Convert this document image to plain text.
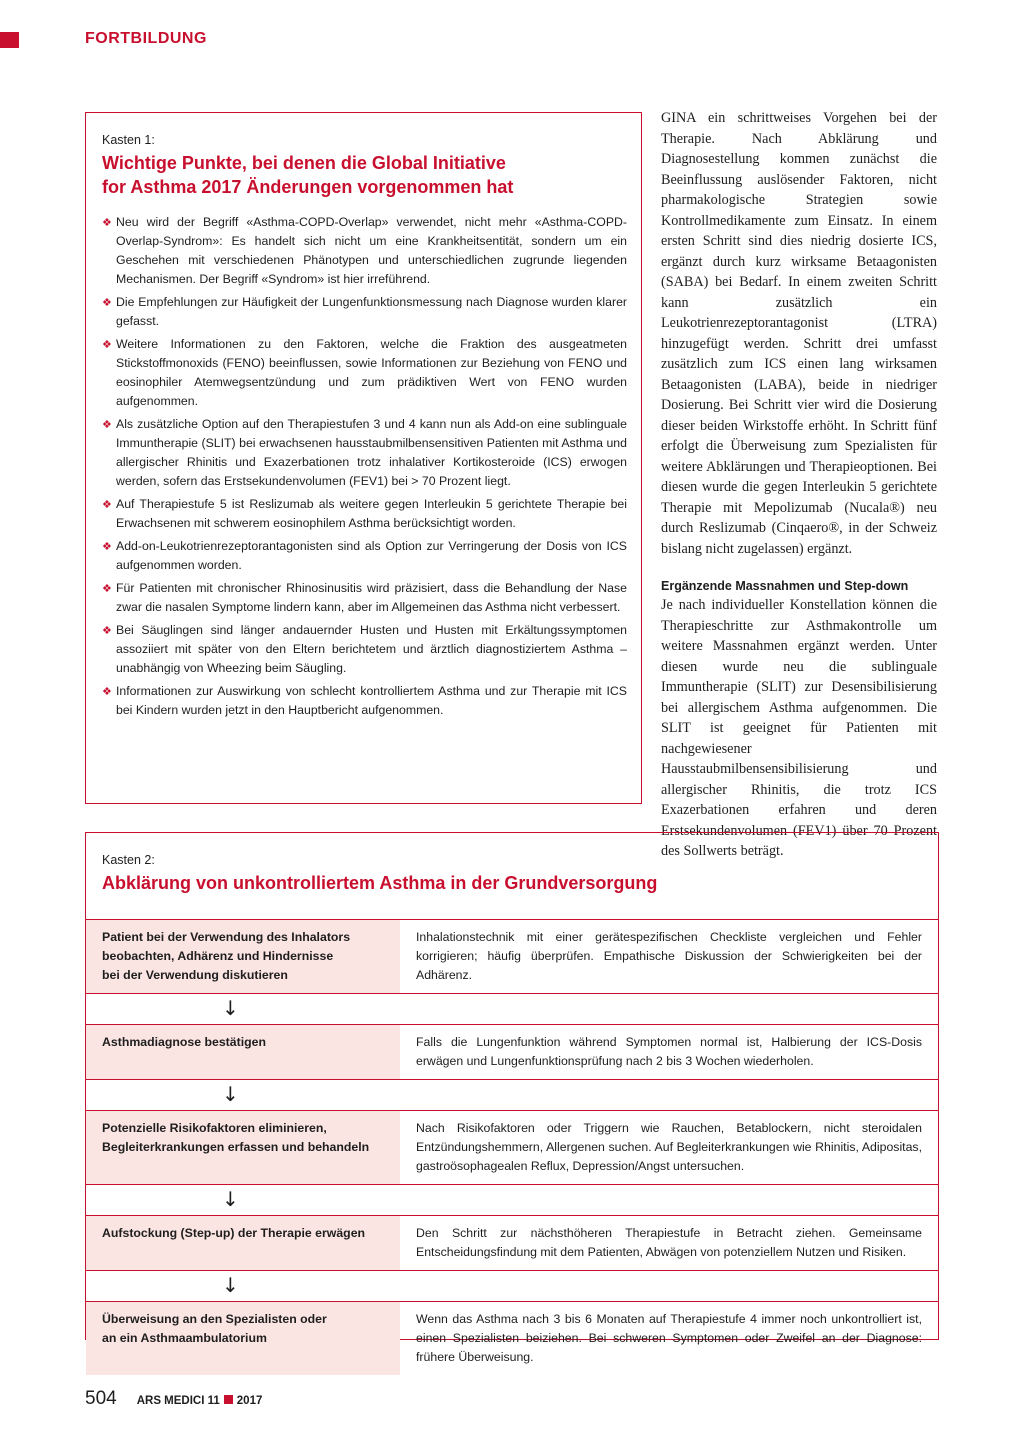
FORTBILDUNG
Kasten 1:
Wichtige Punkte, bei denen die Global Initiative
for Asthma 2017 Änderungen vorgenommen hat
❖ Neu wird der Begriff «Asthma-COPD-Overlap» verwendet, nicht mehr «Asthma-COPD-Overlap-Syndrom»: Es handelt sich nicht um eine Krankheitsentität, sondern um ein Geschehen mit verschiedenen Phänotypen und unterschiedlichen zugrunde liegenden Mechanismen. Der Begriff «Syndrom» ist hier irreführend.
❖ Die Empfehlungen zur Häufigkeit der Lungenfunktionsmessung nach Diagnose wurden klarer gefasst.
❖ Weitere Informationen zu den Faktoren, welche die Fraktion des ausgeatmeten Stickstoffmonoxids (FENO) beeinflussen, sowie Informationen zur Beziehung von FENO und eosinophiler Atemwegsentzündung und zum prädiktiven Wert von FENO wurden aufgenommen.
❖ Als zusätzliche Option auf den Therapiestufen 3 und 4 kann nun als Add-on eine sublinguale Immuntherapie (SLIT) bei erwachsenen hausstaubmilbensensitiven Patienten mit Asthma und allergischer Rhinitis und Exazerbationen trotz inhalativer Kortikosteroide (ICS) erwogen werden, sofern das Erstsekundenvolumen (FEV1) bei > 70 Prozent liegt.
❖ Auf Therapiestufe 5 ist Reslizumab als weitere gegen Interleukin 5 gerichtete Therapie bei Erwachsenen mit schwerem eosinophilem Asthma berücksichtigt worden.
❖ Add-on-Leukotrienrezeptorantagonisten sind als Option zur Verringerung der Dosis von ICS aufgenommen worden.
❖ Für Patienten mit chronischer Rhinosinusitis wird präzisiert, dass die Behandlung der Nase zwar die nasalen Symptome lindern kann, aber im Allgemeinen das Asthma nicht verbessert.
❖ Bei Säuglingen sind länger andauernder Husten und Husten mit Erkältungssymptomen assoziiert mit später von den Eltern berichtetem und ärztlich diagnostiziertem Asthma – unabhängig von Wheezing beim Säugling.
❖ Informationen zur Auswirkung von schlecht kontrolliertem Asthma und zur Therapie mit ICS bei Kindern wurden jetzt in den Hauptbericht aufgenommen.

GINA ein schrittweises Vorgehen bei der Therapie. Nach Abklärung und Diagnosestellung kommen zunächst die Beeinflussung auslösender Faktoren, nicht pharmakologische Strategien sowie Kontrollmedikamente zum Einsatz. In einem ersten Schritt sind dies niedrig dosierte ICS, ergänzt durch kurz wirksame Betaagonisten (SABA) bei Bedarf. In einem zweiten Schritt kann zusätzlich ein Leukotrienrezeptorantagonist (LTRA) hinzugefügt werden. Schritt drei umfasst zusätzlich zum ICS einen lang wirksamen Betaagonisten (LABA), beide in niedriger Dosierung. Bei Schritt vier wird die Dosierung dieser beiden Wirkstoffe erhöht. In Schritt fünf erfolgt die Überweisung zum Spezialisten für weitere Abklärungen und Therapieoptionen. Bei diesen wurde die gegen Interleukin 5 gerichtete Therapie mit Mepolizumab (Nucala®) neu durch Reslizumab (Cinqaero®, in der Schweiz bislang nicht zugelassen) ergänzt.

Ergänzende Massnahmen und Step-down

Je nach individueller Konstellation können die Therapieschritte zur Asthmakontrolle um weitere Massnahmen ergänzt werden. Unter diesen wurde neu die sublinguale Immuntherapie (SLIT) zur Desensibilisierung bei allergischem Asthma aufgenommen. Die SLIT ist geeignet für Patienten mit nachgewiesener Hausstaubmilbensensibilisierung und allergischer Rhinitis, die trotz ICS Exazerbationen erfahren und deren Erstsekundenvolumen (FEV1) über 70 Prozent des Sollwerts beträgt.

Kasten 2:
Abklärung von unkontrolliertem Asthma in der Grundversorgung
Patient bei der Verwendung des Inhalators
beobachten, Adhärenz und Hindernisse
bei der Verwendung diskutieren
Inhalationstechnik mit einer gerätespezifischen Checkliste vergleichen und Fehler korrigieren; häufig überprüfen. Empathische Diskussion der Schwierigkeiten bei der Adhärenz.
↓
Asthmadiagnose bestätigen	Falls die Lungenfunktion während Symptomen normal ist, Halbierung der ICS-Dosis erwägen und Lungenfunktionsprüfung nach 2 bis 3 Wochen wiederholen.
↓
Potenzielle Risikofaktoren eliminieren,
Begleiterkrankungen erfassen und behandeln
Nach Risikofaktoren oder Triggern wie Rauchen, Betablockern, nicht steroidalen Entzündungshemmern, Allergenen suchen. Auf Begleiterkrankungen wie Rhinitis, Adipositas, gastroösophagealen Reflux, Depression/Angst untersuchen.
↓
Aufstockung (Step-up) der Therapie erwägen	Den Schritt zur nächsthöheren Therapiestufe in Betracht ziehen. Gemeinsame Entscheidungsfindung mit dem Patienten, Abwägen von potenziellem Nutzen und Risiken.
↓
Überweisung an den Spezialisten oder
an ein Asthmaambulatorium
Wenn das Asthma nach 3 bis 6 Monaten auf Therapiestufe 4 immer noch unkontrolliert ist, einen Spezialisten beiziehen. Bei schweren Symptomen oder Zweifel an der Diagnose: frühere Überweisung.
504 ARS MEDICI 11 2017
